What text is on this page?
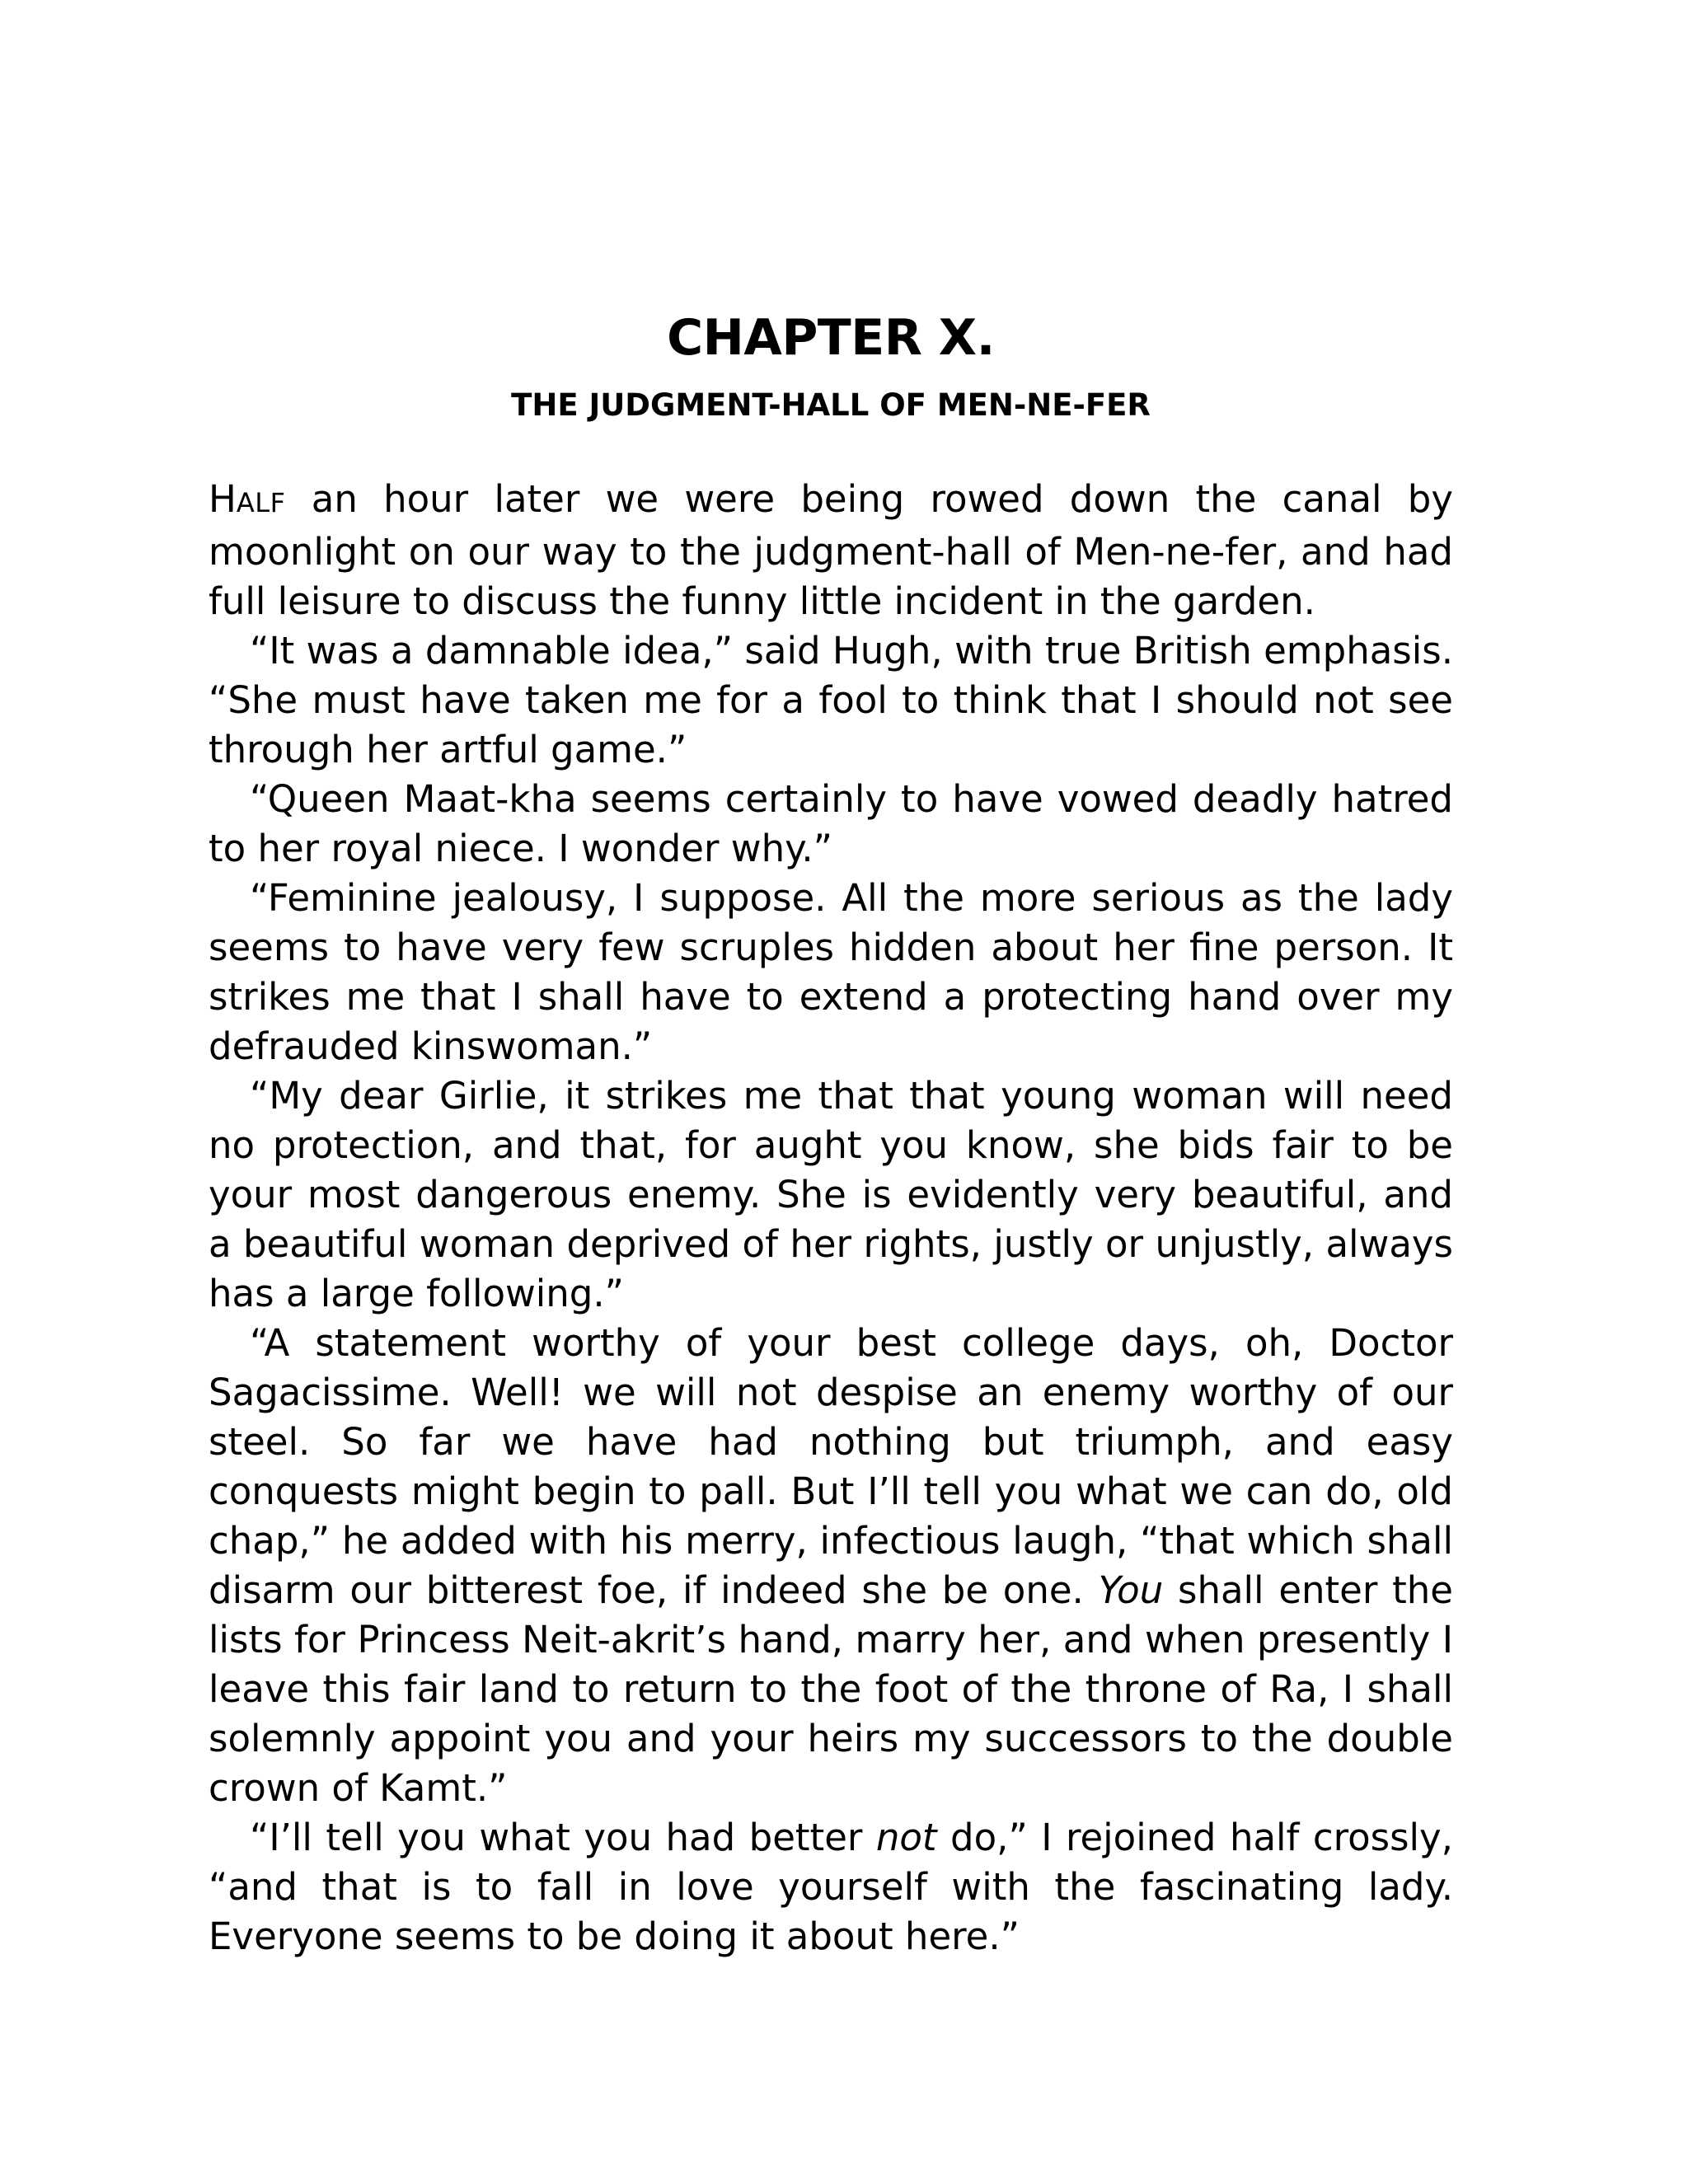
CHAPTER X.
THE JUDGMENT-HALL OF MEN-NE-FER

HALF an hour later we were being rowed down the canal by moonlight on our way to the judgment-hall of Men-ne-fer, and had full leisure to discuss the funny little incident in the garden.

“It was a damnable idea,” said Hugh, with true British emphasis. “She must have taken me for a fool to think that I should not see through her artful game.”

“Queen Maat-kha seems certainly to have vowed deadly hatred to her royal niece. I wonder why.”

“Feminine jealousy, I suppose. All the more serious as the lady seems to have very few scruples hidden about her fine person. It strikes me that I shall have to extend a protecting hand over my defrauded kinswoman.”

“My dear Girlie, it strikes me that that young woman will need no protection, and that, for aught you know, she bids fair to be your most dangerous enemy. She is evidently very beautiful, and a beautiful woman deprived of her rights, justly or unjustly, always has a large following.”

“A statement worthy of your best college days, oh, Doctor Sagacissime. Well! we will not despise an enemy worthy of our steel. So far we have had nothing but triumph, and easy conquests might begin to pall. But I’ll tell you what we can do, old chap,” he added with his merry, infectious laugh, “that which shall disarm our bitterest foe, if indeed she be one. You shall enter the lists for Princess Neit-akrit’s hand, marry her, and when presently I leave this fair land to return to the foot of the throne of Ra, I shall solemnly appoint you and your heirs my successors to the double crown of Kamt.”

“I’ll tell you what you had better not do,” I rejoined half crossly, “and that is to fall in love yourself with the fascinating lady. Everyone seems to be doing it about here.”
